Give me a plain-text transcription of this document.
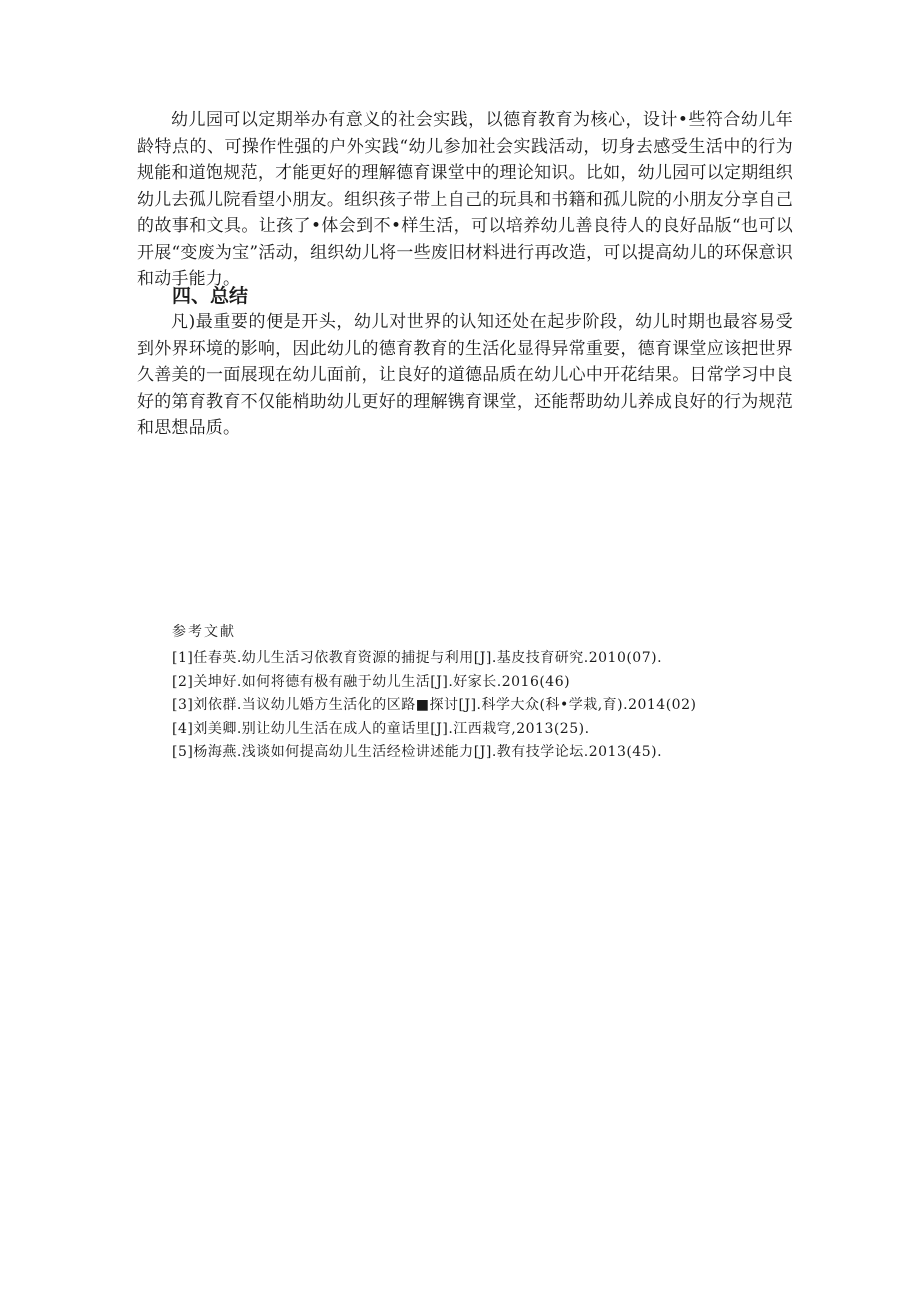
幼儿园可以定期举办有意义的社会实践，以德育教育为核心，设计•些符合幼儿年龄特点的、可操作性强的户外实践“幼儿参加社会实践活动，切身去感受生活中的行为规能和道饱规范，才能更好的理解德育课堂中的理论知识。比如，幼儿园可以定期组织幼儿去孤儿院看望小朋友。组织孩子带上自己的玩具和书籍和孤儿院的小朋友分享自己的故事和文具。让孩了•体会到不•样生活，可以培养幼儿善良待人的良好品版“也可以开展“变废为宝”活动，组织幼儿将一些废旧材料进行再改造，可以提高幼儿的环保意识和动手能力。

四、总结

凡)最重要的便是开头，幼儿对世界的认知还处在起步阶段，幼儿时期也最容易受到外界环境的影响，因此幼儿的德育教育的生活化显得异常重要，德育课堂应该把世界久善美的一面展现在幼儿面前，让良好的道德品质在幼儿心中开花结果。日常学习中良好的第育教育不仅能梢助幼儿更好的理解镌育课堂，还能帮助幼儿养成良好的行为规范和思想品质。

参考文献

[1]任春英.幼儿生活习依教育资源的捕捉与利用[J].基皮技育研究.2010(07).
[2]关坤好.如何将德有极有融于幼儿生活[J].好家长.2016(46)
[3]刘依群.当议幼儿婚方生活化的区路■探讨[J].科学大众(科•学栽,育).2014(02)
[4]刘美卿.别让幼儿生活在成人的童话里[J].江西栽穹,2013(25).
[5]杨海燕.浅谈如何提高幼儿生活经检讲述能力[J].教有技学论坛.2013(45).
